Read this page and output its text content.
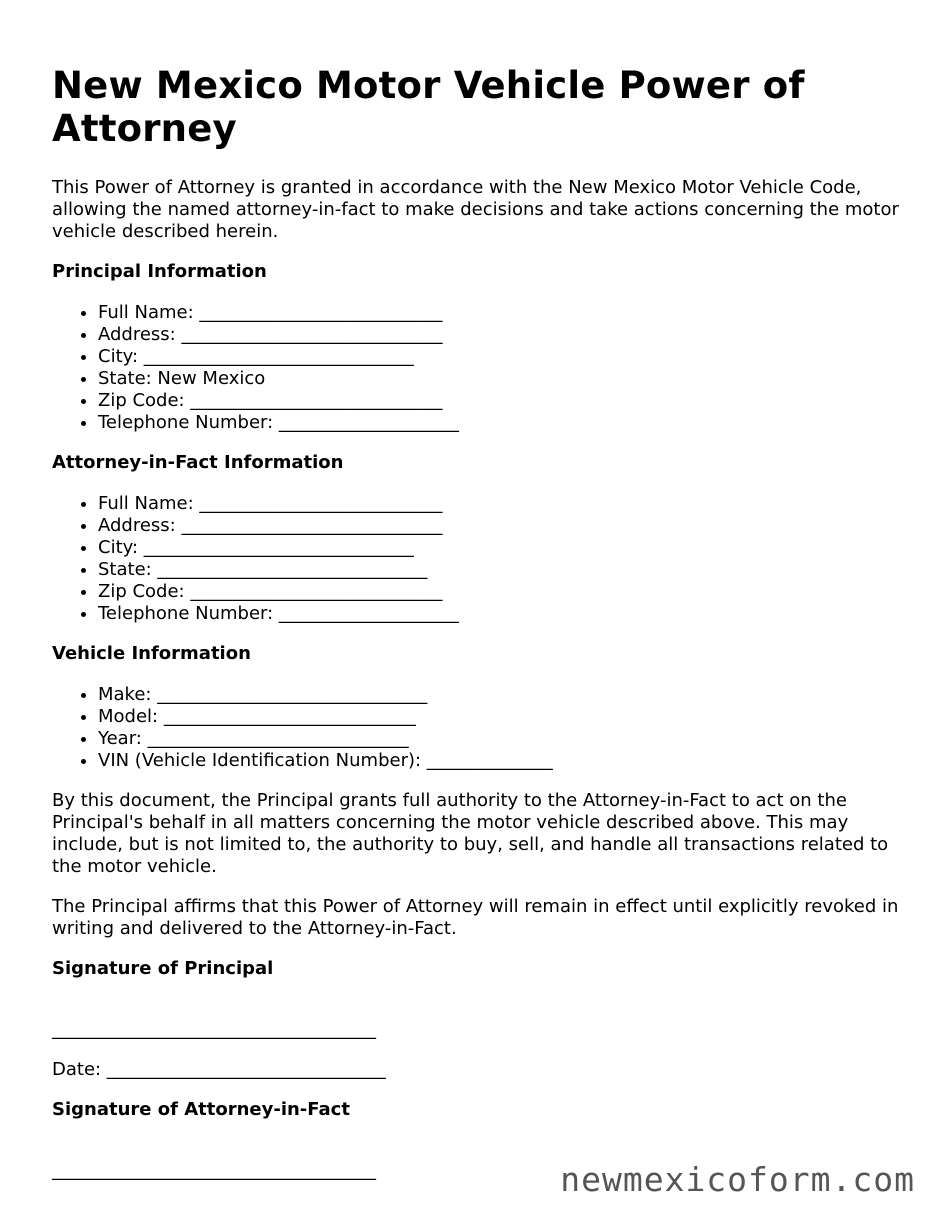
New Mexico Motor Vehicle Power of Attorney

This Power of Attorney is granted in accordance with the New Mexico Motor Vehicle Code, allowing the named attorney-in-fact to make decisions and take actions concerning the motor vehicle described herein.

Principal Information
• Full Name: ___________________________
• Address: _____________________________
• City: ______________________________
• State: New Mexico
• Zip Code: ____________________________
• Telephone Number: ____________________
Attorney-in-Fact Information
• Full Name: ___________________________
• Address: _____________________________
• City: ______________________________
• State: ______________________________
• Zip Code: ____________________________
• Telephone Number: ____________________
Vehicle Information
• Make: ______________________________
• Model: ____________________________
• Year: _____________________________
• VIN (Vehicle Identification Number): ______________

By this document, the Principal grants full authority to the Attorney-in-Fact to act on the Principal's behalf in all matters concerning the motor vehicle described above. This may include, but is not limited to, the authority to buy, sell, and handle all transactions related to the motor vehicle.

The Principal affirms that this Power of Attorney will remain in effect until explicitly revoked in writing and delivered to the Attorney-in-Fact.

Signature of Principal
____________________________________
Date: _______________________________
Signature of Attorney-in-Fact
____________________________________	newmexicoform.com
